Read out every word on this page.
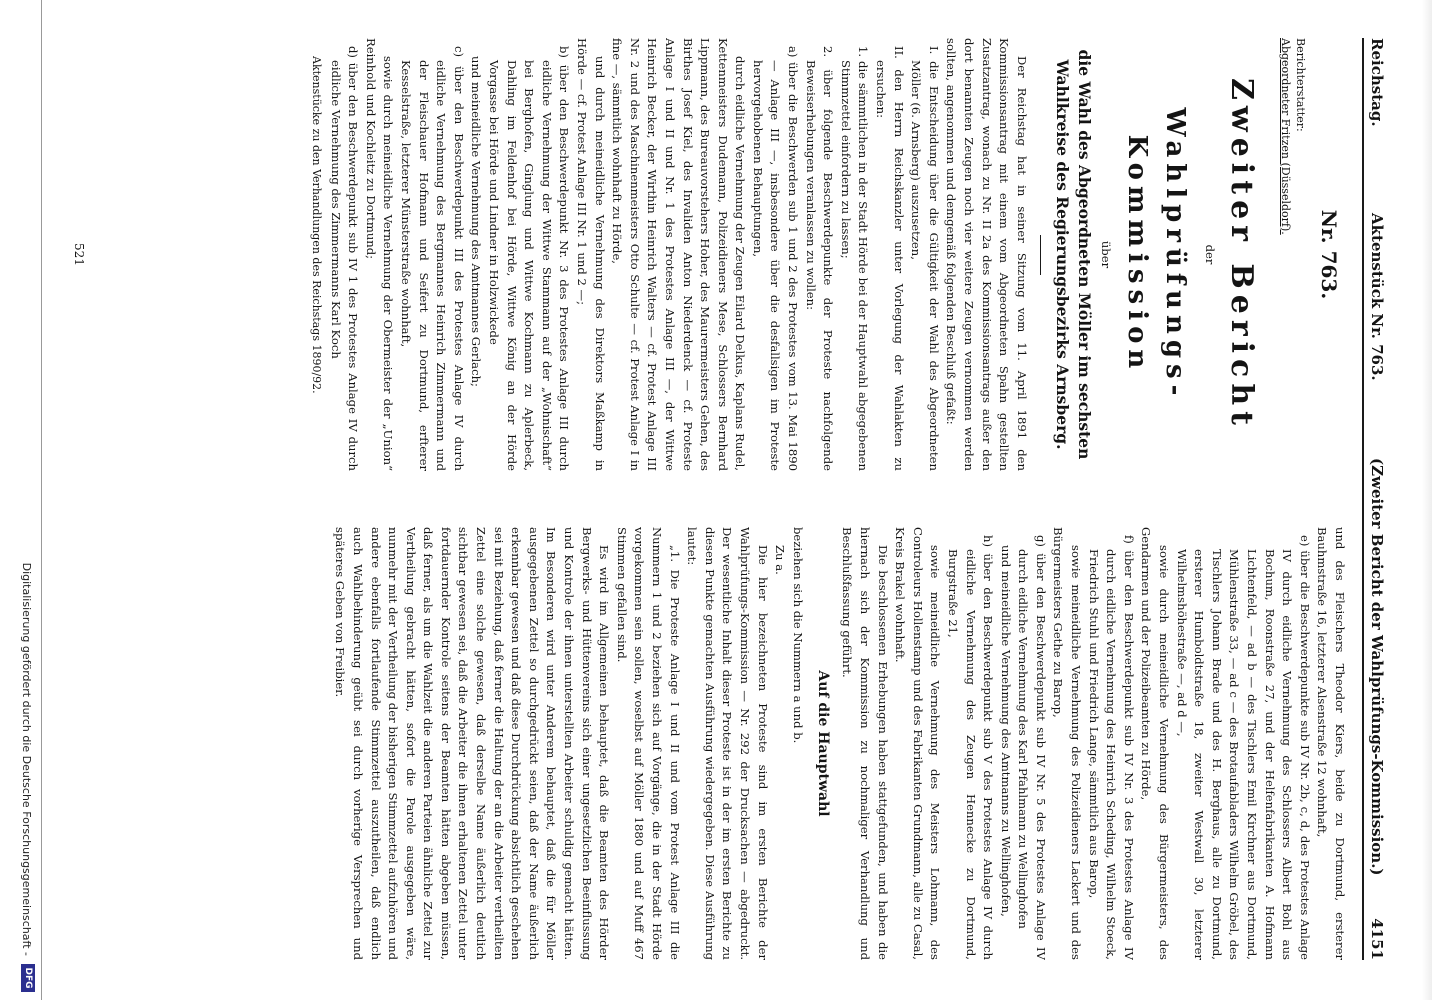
Reichstag.
Aktenstück Nr. 763.
(Zweiter Bericht der Wahlprüfungs-Kommission.)
4151
Nr. 763.

Berichterstatter:

Abgeordneter Fritzen (Düsseldorf).

Zweiter Bericht

der

Wahlprüfungs-Kommission

über

die Wahl des Abgeordneten Möller im sechsten Wahlkreise des Regierungsbezirks Arnsberg.

Der Reichstag hat in seiner Sitzung vom 11. April 1891 den Kommissionsantrag mit einem vom Abgeordneten Spahn gestellten Zusatzantrag, wonach zu Nr. II 2a des Kommissionsantrags außer den dort benannten Zeugen noch vier weitere Zeugen vernommen werden sollten, angenommen und demgemäß folgenden Beschluß gefaßt:

I. die Entscheidung über die Gültigkeit der Wahl des Abgeordneten Möller (6. Arnsberg) auszusetzen,

II. den Herrn Reichskanzler unter Vorlegung der Wahlakten zu ersuchen:

1. die sämmtlichen in der Stadt Hörde bei der Hauptwahl abgegebenen Stimmzettel einfordern zu lassen;

2. über folgende Beschwerdepunkte der Proteste nachfolgende Beweiserhebungen veranlassen zu wollen:

a) über die Beschwerden sub 1 und 2 des Protestes vom 13. Mai 1890 — Anlage III —, insbesondere über die desfallsigen im Proteste hervorgehobenen Behauptungen,

durch eidliche Vernehmung der Zeugen Eilard Delkus, Kaplans Rudel, Kettenmeisters Dudemann, Polizeidieners Mese, Schlossers Bernhard Lippmann, des Bureauvorstehers Hoher, des Maurermeisters Gehen, des Birthes Josef Kiel, des Invaliden Anton Niederdenck — cf. Proteste Anlage I und II und Nr. 1 des Protestes Anlage III —, der Wittwe Heinrich Becker, der Wirthin Heinrich Walters — cf. Protest Anlage III Nr. 2 und des Maschinenmeisters Otto Schulte — cf. Protest Anlage I in fine —, sämmtlich wohnhaft zu Hörde,

und durch meineidliche Vernehmung des Direktors Maßkamp in Hörde — cf. Protest Anlage III Nr. 1 und 2 —;

b) über den Beschwerdepunkt Nr. 3 des Protestes Anlage III durch eidliche Vernehmung der Wittwe Stammann auf der „Wohnischaft“ bei Berghofen, Ginglung und Wittwe Kochmann zu Aplerbeck, Dahling im Feldenhof bei Hörde, Wittwe König an der Hörde Vorgasse bei Hörde und Lindner in Holzwickede

und meineidliche Vernehmung des Amtmannes Gerlach;

c) über den Beschwerdepunkt III des Protestes Anlage IV durch eidliche Vernehmung des Bergmannes Heinrich Zimmermann und der Fleischauer Hofmann und Seifert zu Dortmund, erfterer Kesselstraße, letzterer Münsterstraße wohnhaft,

sowie durch meineidliche Vernehmung der Obermeister der „Union“ Reinhold und Kochleitz zu Dortmund;

d) über den Beschwerdepunkt sub IV 1 des Protestes Anlage IV durch eidliche Vernehmung des Zimmermanns Karl Koch

Aktenstücke zu den Verhandlungen des Reichstags 1890/92.

521

und des Fleischers Theodor Kiers, beide zu Dortmund, ersterer Bauhmstraße 16, letzterer Alsenstraße 12 wohnhaft,

e) über die Beschwerdepunkte sub IV Nr. 2b, c, d, des Protestes Anlage IV durch eidliche Vernehmung des Schlossers Albert Bohl aus Bochum, Roonstraße 27, und der Helfenfabrikanten A. Hofmann Lichtenfeld, — ad b — des Tischlers Emil Kirchner aus Dortmund, Mühlenstraße 33, — ad c — des Brotaufabladers Wilhelm Gröbel, des Tischlers Johann Brade und des H. Berghaus, alle zu Dortmund, ersterer Humboldtstraße 18, zweiter Westwall 30, letzterer Wilhelmshöhestraße —, ad d —,

sowie durch meineidliche Vernehmung des Bürgermeisters, des Gendarmen und der Polizeibeamten zu Hörde,

f) über den Beschwerdepunkt sub IV Nr. 3 des Protestes Anlage IV durch eidliche Vernehmung des Heinrich Scheding, Wilhelm Stoeck, Friedrich Stuhl und Friedrich Lange, sämmtlich aus Barop,

sowie meineidliche Vernehmung des Polizeidieners Lackert und des Bürgermeisters Gethe zu Barop,

g) über den Beschwerdepunkt sub IV Nr. 5 des Protestes Anlage IV durch eidliche Vernehmung des Karl Pfahlmann zu Wellinghofen

und meineidliche Vernehmung des Amtmanns zu Wellinghofen,

h) über den Beschwerdepunkt sub V des Protestes Anlage IV durch eidliche Vernehmung des Zeugen Hennecke zu Dortmund, Burgstraße 21,

sowie meineidliche Vernehmung des Meisters Lohmann, des Controleurs Hollenstamp und des Fabrikanten Grundmann, alle zu Casal, Kreis Brakel wohnhaft.

Die beschlossenen Erhebungen haben stattgefunden, und haben die hiernach sich der Kommission zu nochmaliger Verhandlung und Beschlußfassung geführt.

Auf die Hauptwahl

beziehen sich die Nummern a und b.

Zu a.

Die hier bezeichneten Proteste sind im ersten Berichte der Wahlprüfungs-Kommission — Nr. 292 der Drucksachen — abgedruckt. Der wesentliche Inhalt dieser Proteste ist in der im ersten Berichte zu diesen Punkte gemachten Ausführung wiedergegeben. Diese Ausführung lautet:

„1. Die Proteste Anlage I und II und vom Protest Anlage III die Nummern 1 und 2 beziehen sich auf Vorgänge, die in der Stadt Hörde vorgekommen sein sollen, woselbst auf Möller 1880 und auf Muff 467 Stimmen gefallen sind.

Es wird im Allgemeinen behauptet, daß die Beamten des Hörder Bergwerks- und Hüttenvereins sich einer ungesetzlichen Beeinflussung und Kontrole der ihnen unterstellten Arbeiter schuldig gemacht hätten. Im Besonderen wird unter Anderem behauptet, daß die für Möller ausgegebenen Zettel so durchgedrückt seien, daß der Name äußerlich erkennbar gewesen und daß diese Durchdrückung absichtlich geschehen sei mit Beziehung, daß ferner die Haltung der an die Arbeiter vertheilten Zettel eine solche gewesen, daß derselbe Name äußerlich deutlich sichtbar gewesen sei, daß die Arbeiter die ihnen erhaltenen Zettel unter fortdauernder Kontrole seitens der Beamten hätten abgeben müssen, daß ferner, als um die Wahlzeit die anderen Parteien ähnliche Zettel zur Vertheilung gebracht hätten, sofort die Parole ausgegeben wäre, nunmehr mit der Vertheilung der bisherigen Stimmzettel aufzuhören und andere ebenfalls fortlaufende Stimmzettel auszutheilen, daß endlich auch Wahlbehinderung geübt sei durch vorherige Versprechen und späteres Geben von Freibier.

Digitalisierung gefördert durch die Deutsche Forschungsgemeinschaft -
DFG
